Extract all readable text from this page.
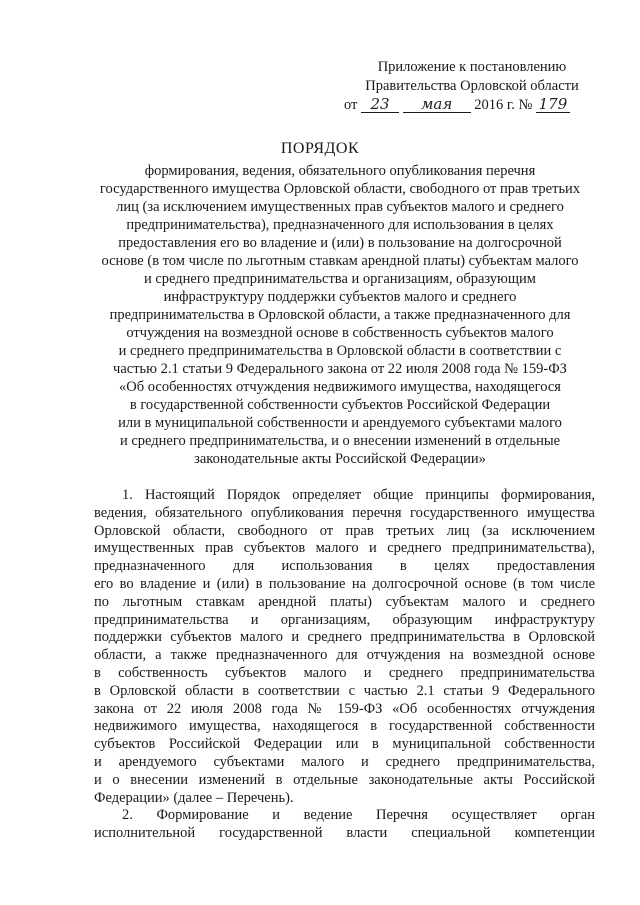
Приложение к постановлению
Правительства Орловской области
от 23 мая 2016 г. № 179
ПОРЯДОК
формирования, ведения, обязательного опубликования перечня
государственного имущества Орловской области, свободного от прав третьих
лиц (за исключением имущественных прав субъектов малого и среднего
предпринимательства), предназначенного для использования в целях
предоставления его во владение и (или) в пользование на долгосрочной
основе (в том числе по льготным ставкам арендной платы) субъектам малого
и среднего предпринимательства и организациям, образующим
инфраструктуру поддержки субъектов малого и среднего
предпринимательства в Орловской области, а также предназначенного для
отчуждения на возмездной основе в собственность субъектов малого
и среднего предпринимательства в Орловской области в соответствии с
частью 2.1 статьи 9 Федерального закона от 22 июля 2008 года № 159-ФЗ
«Об особенностях отчуждения недвижимого имущества, находящегося
в государственной собственности субъектов Российской Федерации
или в муниципальной собственности и арендуемого субъектами малого
и среднего предпринимательства, и о внесении изменений в отдельные
законодательные акты Российской Федерации»
1. Настоящий Порядок определяет общие принципы формирования,
ведения, обязательного опубликования перечня государственного имущества
Орловской области, свободного от прав третьих лиц (за исключением
имущественных прав субъектов малого и среднего предпринимательства),
предназначенного для использования в целях предоставления
его во владение и (или) в пользование на долгосрочной основе (в том числе
по льготным ставкам арендной платы) субъектам малого и среднего
предпринимательства и организациям, образующим инфраструктуру
поддержки субъектов малого и среднего предпринимательства в Орловской
области, а также предназначенного для отчуждения на возмездной основе
в собственность субъектов малого и среднего предпринимательства
в Орловской области в соответствии с частью 2.1 статьи 9 Федерального
закона от 22 июля 2008 года № 159-ФЗ «Об особенностях отчуждения
недвижимого имущества, находящегося в государственной собственности
субъектов Российской Федерации или в муниципальной собственности
и арендуемого субъектами малого и среднего предпринимательства,
и о внесении изменений в отдельные законодательные акты Российской
Федерации» (далее – Перечень).
2. Формирование и ведение Перечня осуществляет орган
исполнительной государственной власти специальной компетенции
